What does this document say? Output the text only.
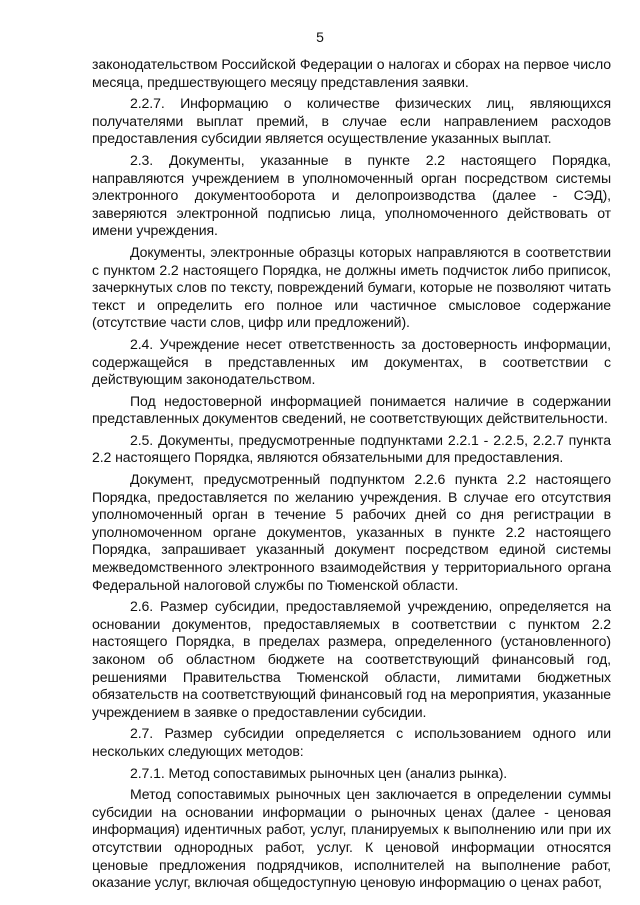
5

законодательством Российской Федерации о налогах и сборах на первое число месяца, предшествующего месяцу представления заявки.

2.2.7. Информацию о количестве физических лиц, являющихся получателями выплат премий, в случае если направлением расходов предоставления субсидии является осуществление указанных выплат.

2.3. Документы, указанные в пункте 2.2 настоящего Порядка, направляются учреждением в уполномоченный орган посредством системы электронного документооборота и делопроизводства (далее - СЭД), заверяются электронной подписью лица, уполномоченного действовать от имени учреждения.

Документы, электронные образцы которых направляются в соответствии с пунктом 2.2 настоящего Порядка, не должны иметь подчисток либо приписок, зачеркнутых слов по тексту, повреждений бумаги, которые не позволяют читать текст и определить его полное или частичное смысловое содержание (отсутствие части слов, цифр или предложений).

2.4. Учреждение несет ответственность за достоверность информации, содержащейся в представленных им документах, в соответствии с действующим законодательством.

Под недостоверной информацией понимается наличие в содержании представленных документов сведений, не соответствующих действительности.

2.5. Документы, предусмотренные подпунктами 2.2.1 - 2.2.5, 2.2.7 пункта 2.2 настоящего Порядка, являются обязательными для предоставления.

Документ, предусмотренный подпунктом 2.2.6 пункта 2.2 настоящего Порядка, предоставляется по желанию учреждения. В случае его отсутствия уполномоченный орган в течение 5 рабочих дней со дня регистрации в уполномоченном органе документов, указанных в пункте 2.2 настоящего Порядка, запрашивает указанный документ посредством единой системы межведомственного электронного взаимодействия у территориального органа Федеральной налоговой службы по Тюменской области.

2.6. Размер субсидии, предоставляемой учреждению, определяется на основании документов, предоставляемых в соответствии с пунктом 2.2 настоящего Порядка, в пределах размера, определенного (установленного) законом об областном бюджете на соответствующий финансовый год, решениями Правительства Тюменской области, лимитами бюджетных обязательств на соответствующий финансовый год на мероприятия, указанные учреждением в заявке о предоставлении субсидии.

2.7. Размер субсидии определяется с использованием одного или нескольких следующих методов:

2.7.1. Метод сопоставимых рыночных цен (анализ рынка).

Метод сопоставимых рыночных цен заключается в определении суммы субсидии на основании информации о рыночных ценах (далее - ценовая информация) идентичных работ, услуг, планируемых к выполнению или при их отсутствии однородных работ, услуг. К ценовой информации относятся ценовые предложения подрядчиков, исполнителей на выполнение работ, оказание услуг, включая общедоступную ценовую информацию о ценах работ,
